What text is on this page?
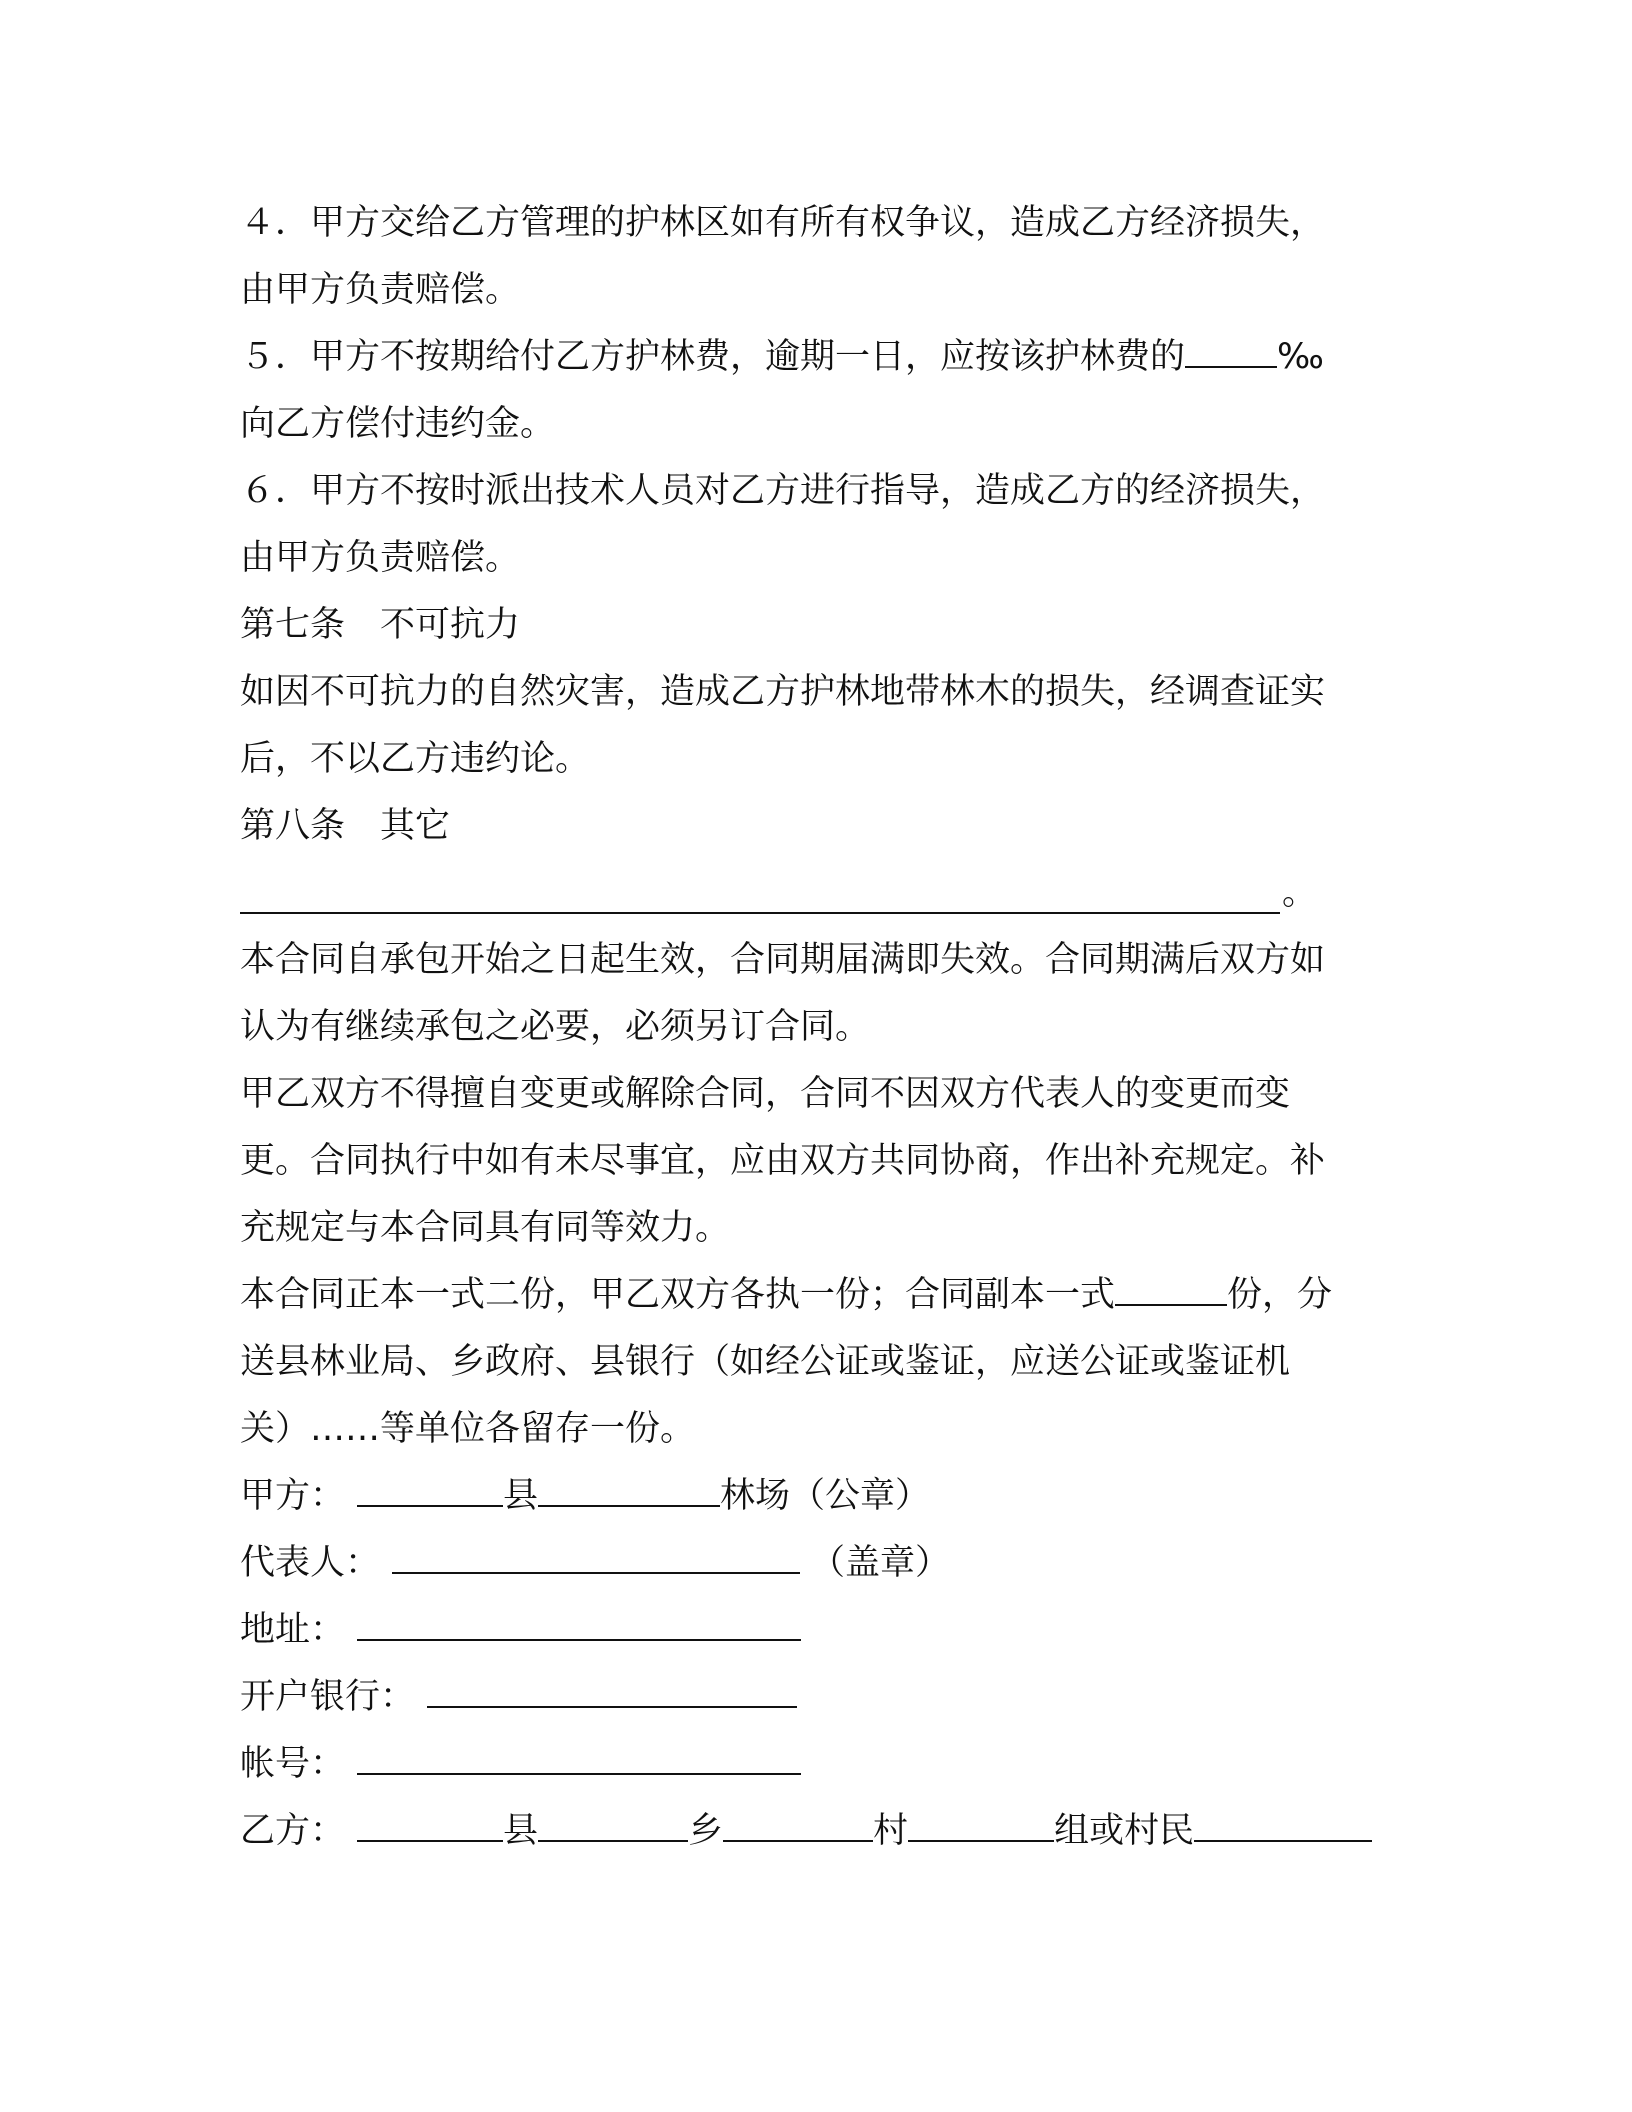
４．甲方交给乙方管理的护林区如有所有权争议，造成乙方经济损失，
由甲方负责赔偿。
５．甲方不按期给付乙方护林费，逾期一日，应按该护林费的	‰
向乙方偿付违约金。
６．甲方不按时派出技术人员对乙方进行指导，造成乙方的经济损失，
由甲方负责赔偿。
第七条　不可抗力
如因不可抗力的自然灾害，造成乙方护林地带林木的损失，经调查证实
后，不以乙方违约论。
第八条　其它
。
本合同自承包开始之日起生效，合同期届满即失效。合同期满后双方如
认为有继续承包之必要，必须另订合同。
甲乙双方不得擅自变更或解除合同，合同不因双方代表人的变更而变
更。合同执行中如有未尽事宜，应由双方共同协商，作出补充规定。补
充规定与本合同具有同等效力。
本合同正本一式二份，甲乙双方各执一份；合同副本一式	份，分
送县林业局、乡政府、县银行（如经公证或鉴证，应送公证或鉴证机
关）……等单位各留存一份。
甲方：	县	林场（公章）
代表人：	（盖章）
地址：
开户银行：
帐号：
乙方：	县	乡	村	组或村民
